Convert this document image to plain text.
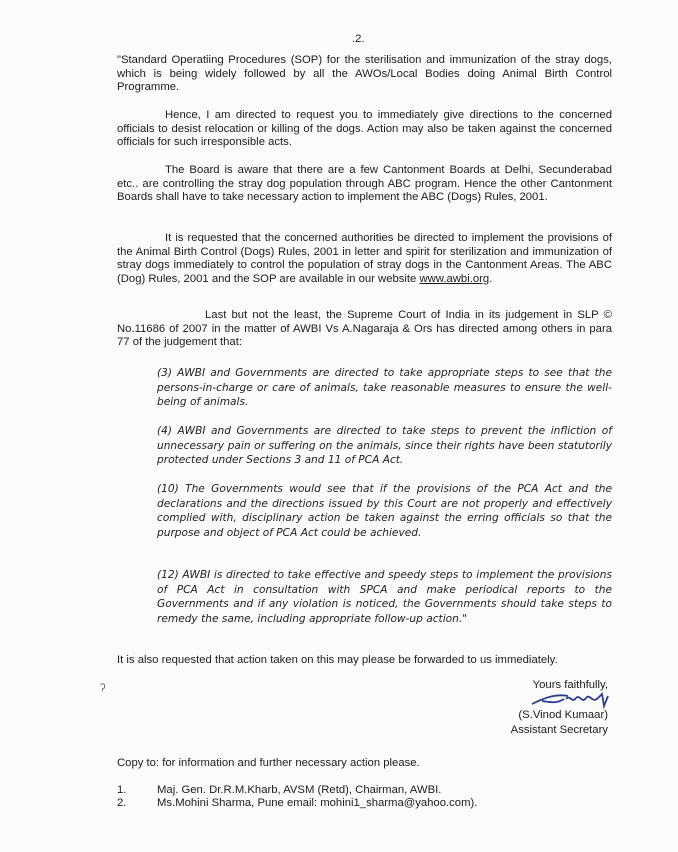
.2.

"Standard Operatiing Procedures (SOP) for the sterilisation and immunization of the stray dogs, which is being widely followed by all the AWOs/Local Bodies doing Animal Birth Control Programme.

Hence, I am directed to request you to immediately give directions to the concerned officials to desist relocation or killing of the dogs. Action may also be taken against the concerned officials for such irresponsible acts.

The Board is aware that there are a few Cantonment Boards at Delhi, Secunderabad etc.. are controlling the stray dog population through ABC program. Hence the other Cantonment Boards shall have to take necessary action to implement the ABC (Dogs) Rules, 2001.

It is requested that the concerned authorities be directed to implement the provisions of the Animal Birth Control (Dogs) Rules, 2001 in letter and spirit for sterilization and immunization of stray dogs immediately to control the population of stray dogs in the Cantonment Areas. The ABC (Dog) Rules, 2001 and the SOP are available in our website www.awbi.org.

Last but not the least, the Supreme Court of India in its judgement in SLP © No.11686 of 2007 in the matter of AWBI Vs A.Nagaraja & Ors has directed among others in para 77 of the judgement that:

(3) AWBI and Governments are directed to take appropriate steps to see that the persons-in-charge or care of animals, take reasonable measures to ensure the well-being of animals.

(4) AWBI and Governments are directed to take steps to prevent the infliction of unnecessary pain or suffering on the animals, since their rights have been statutorily protected under Sections 3 and 11 of PCA Act.

(10) The Governments would see that if the provisions of the PCA Act and the declarations and the directions issued by this Court are not properly and effectively complied with, disciplinary action be taken against the erring officials so that the purpose and object of PCA Act could be achieved.

(12) AWBI is directed to take effective and speedy steps to implement the provisions of PCA Act in consultation with SPCA and make periodical reports to the Governments and if any violation is noticed, the Governments should take steps to remedy the same, including appropriate follow-up action."

It is also requested that action taken on this may please be forwarded to us immediately.
ˀ	Yours faithfully,
(S.Vinod Kumaar)
Assistant Secretary
Copy to: for information and further necessary action please.
1.	Maj. Gen. Dr.R.M.Kharb, AVSM (Retd), Chairman, AWBI.
2.	Ms.Mohini Sharma, Pune email: mohini1_sharma@yahoo.com).
